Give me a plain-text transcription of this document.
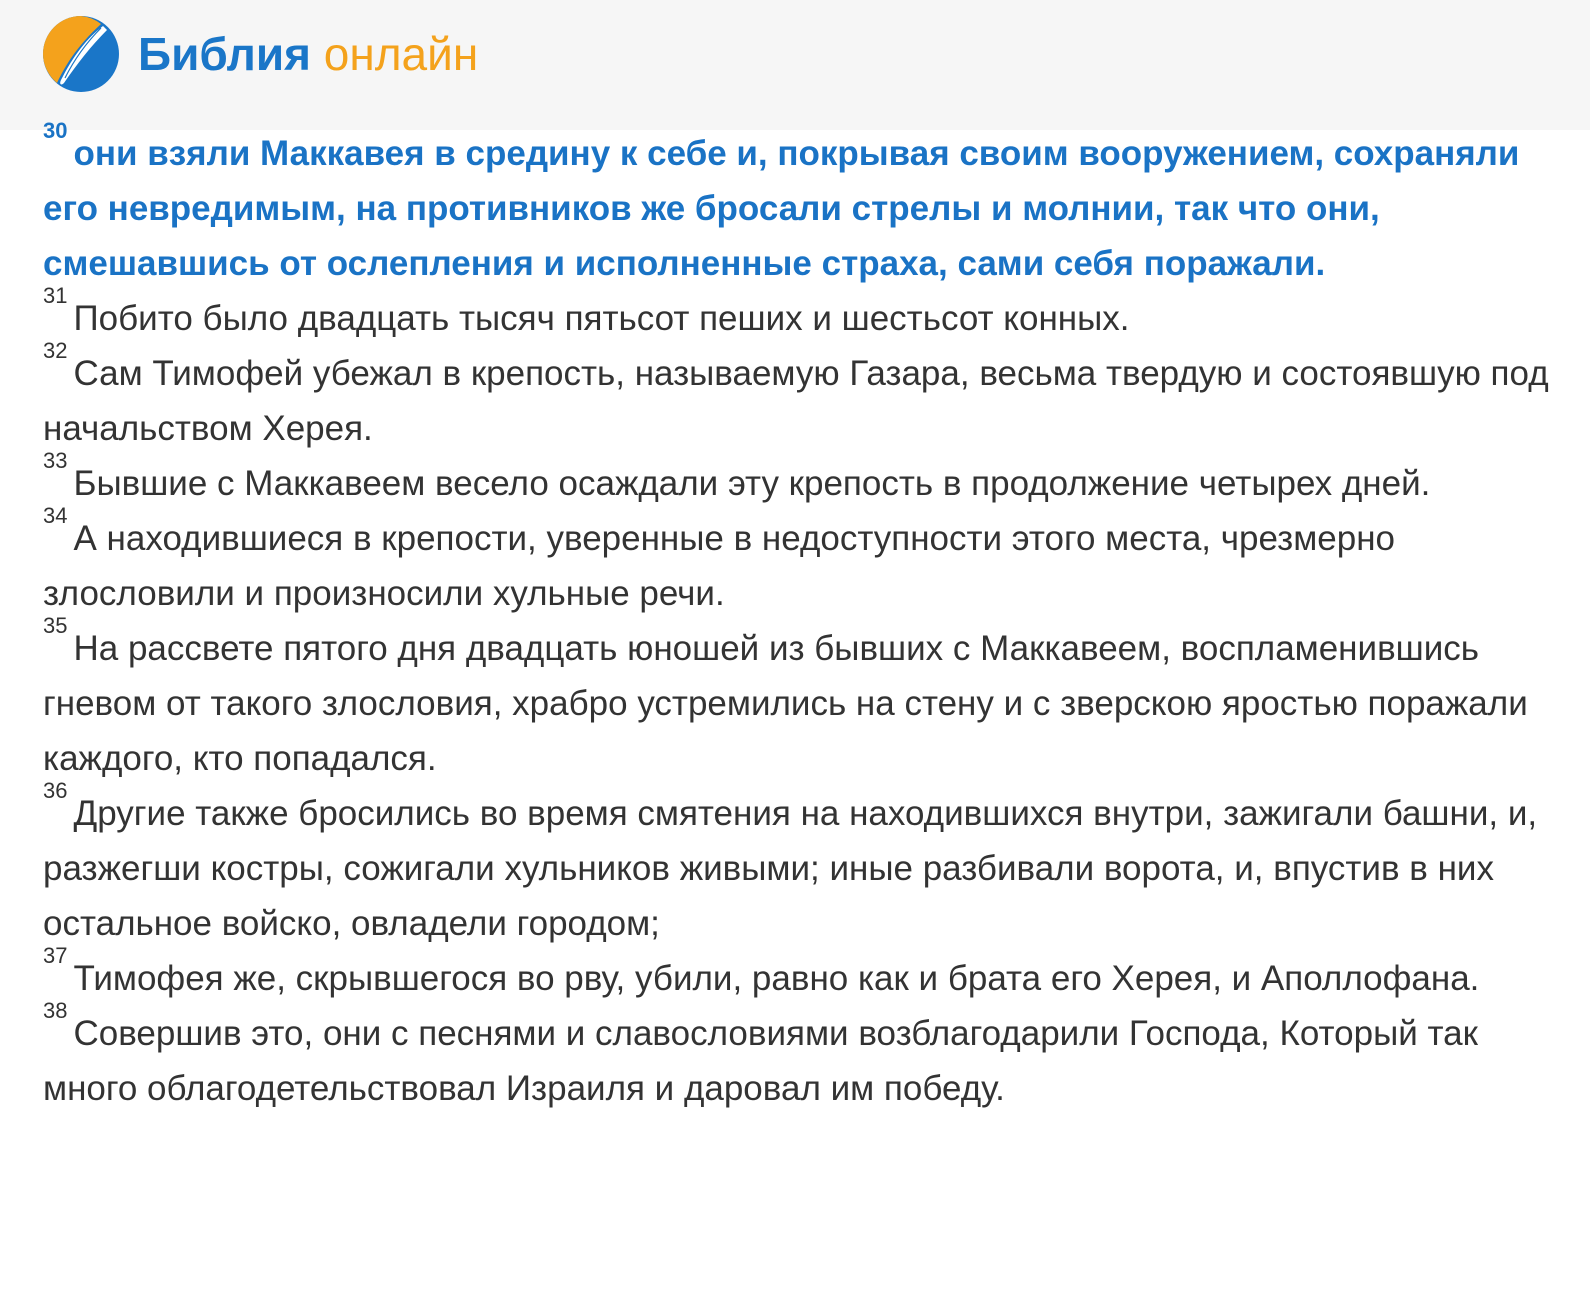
Библия онлайн

$^{30}$они взяли Маккавея в средину к себе и, покрывая своим вооружением, сохраняли его невредимым, на противников же бросали стрелы и молнии, так что они, смешавшись от ослепления и исполненные страха, сами себя поражали.

$^{31}$Побито было двадцать тысяч пятьсот пеших и шестьсот конных.

$^{32}$Сам Тимофей убежал в крепость, называемую Газара, весьма твердую и состоявшую под начальством Херея.

$^{33}$Бывшие с Маккавеем весело осаждали эту крепость в продолжение четырех дней.

$^{34}$А находившиеся в крепости, уверенные в недоступности этого места, чрезмерно злословили и произносили хульные речи.

$^{35}$На рассвете пятого дня двадцать юношей из бывших с Маккавеем, воспламенившись гневом от такого злословия, храбро устремились на стену и с зверскою яростью поражали каждого, кто попадался.

$^{36}$Другие также бросились во время смятения на находившихся внутри, зажигали башни, и, разжегши костры, сожигали хульников живыми; иные разбивали ворота, и, впустив в них остальное войско, овладели городом;

$^{37}$Тимофея же, скрывшегося во рву, убили, равно как и брата его Херея, и Аполлофана.

$^{38}$Совершив это, они с песнями и славословиями возблагодарили Господа, Который так много облагодетельствовал Израиля и даровал им победу.
